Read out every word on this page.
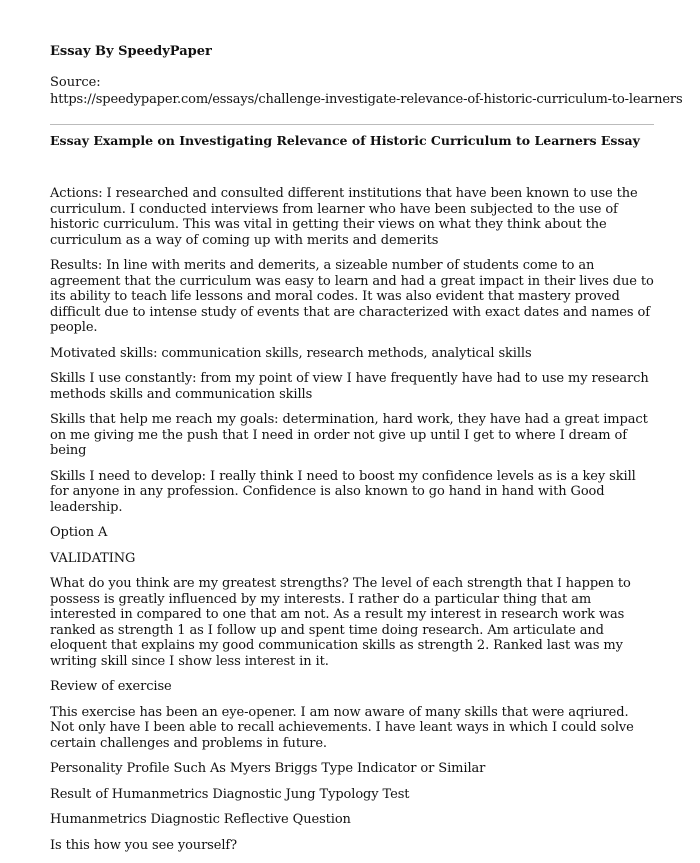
Essay By SpeedyPaper

Source:
https://speedypaper.com/essays/challenge-investigate-relevance-of-historic-curriculum-to-learners

Essay Example on Investigating Relevance of Historic Curriculum to Learners Essay

Actions: I researched and consulted different institutions that have been known to use the curriculum. I conducted interviews from learner who have been subjected to the use of historic curriculum. This was vital in getting their views on what they think about the curriculum as a way of coming up with merits and demerits

Results: In line with merits and demerits, a sizeable number of students come to an agreement that the curriculum was easy to learn and had a great impact in their lives due to its ability to teach life lessons and moral codes. It was also evident that mastery proved difficult due to intense study of events that are characterized with exact dates and names of people.

Motivated skills: communication skills, research methods, analytical skills

Skills I use constantly: from my point of view I have frequently have had to use my research methods skills and communication skills

Skills that help me reach my goals: determination, hard work, they have had a great impact on me giving me the push that I need in order not give up until I get to where I dream of being

Skills I need to develop: I really think I need to boost my confidence levels as is a key skill for anyone in any profession. Confidence is also known to go hand in hand with Good leadership.

Option A

VALIDATING

What do you think are my greatest strengths? The level of each strength that I happen to possess is greatly influenced by my interests. I rather do a particular thing that am interested in compared to one that am not. As a result my interest in research work was ranked as strength 1 as I follow up and spent time doing research. Am articulate and eloquent that explains my good communication skills as strength 2. Ranked last was my writing skill since I show less interest in it.

Review of exercise

This exercise has been an eye-opener. I am now aware of many skills that were aqriured. Not only have I been able to recall achievements. I have leant ways in which I could solve certain challenges and problems in future.

Personality Profile Such As Myers Briggs Type Indicator or Similar

Result of Humanmetrics Diagnostic Jung Typology Test

Humanmetrics Diagnostic Reflective Question

Is this how you see yourself?
